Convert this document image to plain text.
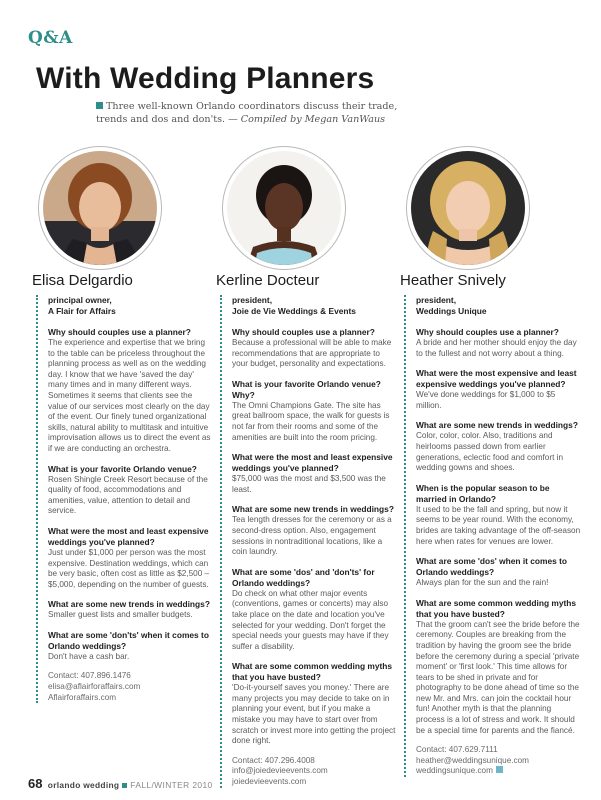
Q&A
With Wedding Planners

Three well-known Orlando coordinators discuss their trade, trends and dos and don'ts. — Compiled by Megan VanWaus

Elisa Delgardio
principal owner,
A Flair for Affairs
Why should couples use a planner?
The experience and expertise that we bring to the table can be priceless throughout the planning process as well as on the wedding day. I know that we have 'saved the day' many times and in many different ways. Sometimes it seems that clients see the value of our services most clearly on the day of the event. Our finely tuned organizational skills, natural ability to multitask and intuitive improvisation allows us to direct the event as if we are conducting an orchestra.
What is your favorite Orlando venue?
Rosen Shingle Creek Resort because of the quality of food, accommodations and amenities, value, attention to detail and service.
What were the most and least expensive weddings you've planned?
Just under $1,000 per person was the most expensive. Destination weddings, which can be very basic, often cost as little as $2,500 – $5,000, depending on the number of guests.
What are some new trends in weddings?
Smaller guest lists and smaller budgets.
What are some 'don'ts' when it comes to Orlando weddings?
Don't have a cash bar.
Contact: 407.896.1476
elisa@aflairforaffairs.com
Aflairforaffairs.com
Kerline Docteur
president,
Joie de Vie Weddings & Events
Why should couples use a planner?
Because a professional will be able to make recommendations that are appropriate to your budget, personality and expectations.
What is your favorite Orlando venue? Why?
The Omni Champions Gate. The site has great ballroom space, the walk for guests is not far from their rooms and some of the amenities are built into the room pricing.
What were the most and least expensive weddings you've planned?
$75,000 was the most and $3,500 was the least.
What are some new trends in weddings?
Tea length dresses for the ceremony or as a second-dress option. Also, engagement sessions in nontraditional locations, like a coin laundry.
What are some 'dos' and 'don'ts' for Orlando weddings?
Do check on what other major events (conventions, games or concerts) may also take place on the date and location you've selected for your wedding. Don't forget the special needs your guests may have if they suffer a disability.
What are some common wedding myths that you have busted?
'Do-it-yourself saves you money.' There are many projects you may decide to take on in planning your event, but if you make a mistake you may have to start over from scratch or invest more into getting the project done right.
Contact: 407.296.4008
info@joiedevieevents.com
joiedevieevents.com
Heather Snively
president,
Weddings Unique
Why should couples use a planner?
A bride and her mother should enjoy the day to the fullest and not worry about a thing.
What were the most expensive and least expensive weddings you've planned?
We've done weddings for $1,000 to $5 million.
What are some new trends in weddings?
Color, color, color. Also, traditions and heirlooms passed down from earlier generations, eclectic food and comfort in wedding gowns and shoes.
When is the popular season to be married in Orlando?
It used to be the fall and spring, but now it seems to be year round. With the economy, brides are taking advantage of the off-season here when rates for venues are lower.
What are some 'dos' when it comes to Orlando weddings?
Always plan for the sun and the rain!
What are some common wedding myths that you have busted?
That the groom can't see the bride before the ceremony. Couples are breaking from the tradition by having the groom see the bride before the ceremony during a special 'private moment' or 'first look.' This time allows for tears to be shed in private and for photography to be done ahead of time so the new Mr. and Mrs. can join the cocktail hour fun! Another myth is that the planning process is a lot of stress and work. It should be a special time for parents and the fiancé.
Contact: 407.629.7111
heather@weddingsunique.com
weddingsunique.com
68 orlando wedding FALL/WINTER 2010
